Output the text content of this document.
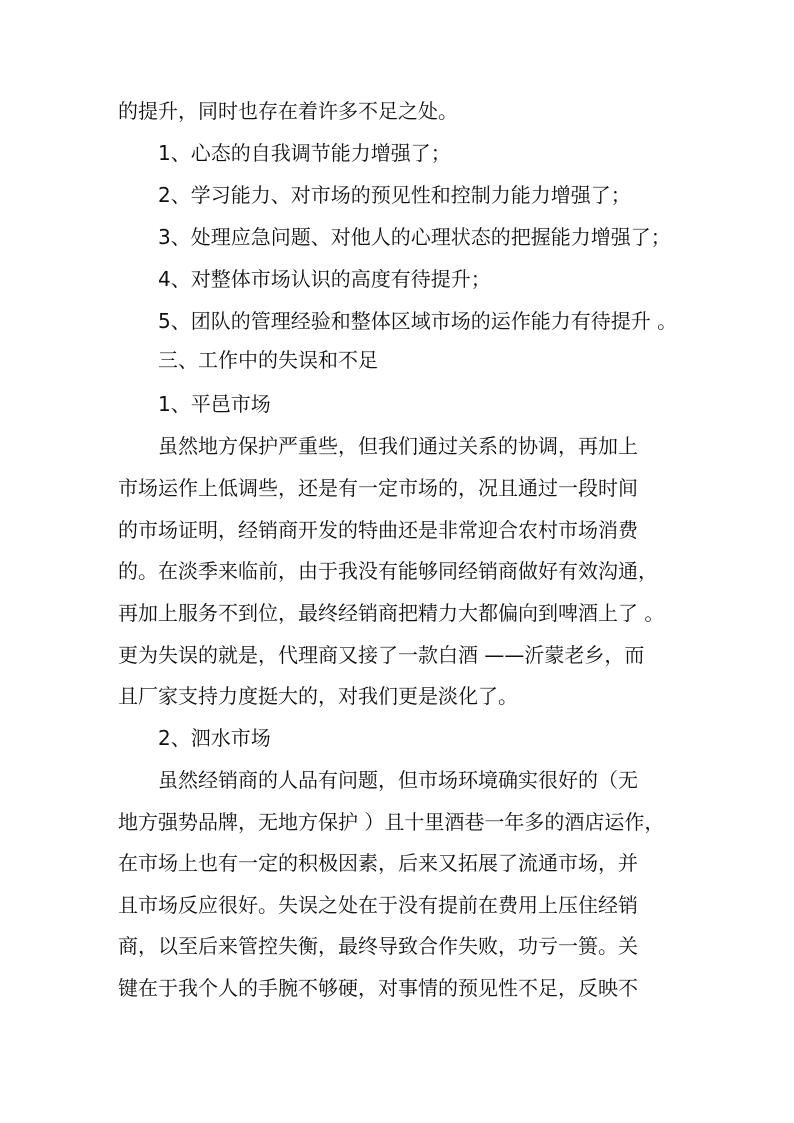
的提升，同时也存在着许多不足之处。
1、心态的自我调节能力增强了；
2、学习能力、对市场的预见性和控制力能力增强了；
3、处理应急问题、对他人的心理状态的把握能力增强了；
4、对整体市场认识的高度有待提升；
5、团队的管理经验和整体区域市场的运作能力有待提升 。
三、工作中的失误和不足
1、平邑市场
虽然地方保护严重些，但我们通过关系的协调，再加上
市场运作上低调些，还是有一定市场的，况且通过一段时间
的市场证明，经销商开发的特曲还是非常迎合农村市场消费
的。在淡季来临前，由于我没有能够同经销商做好有效沟通，
再加上服务不到位，最终经销商把精力大都偏向到啤酒上了 。
更为失误的就是，代理商又接了一款白酒 ——沂蒙老乡，而
且厂家支持力度挺大的，对我们更是淡化了。
2、泗水市场
虽然经销商的人品有问题，但市场环境确实很好的（无
地方强势品牌，无地方保护 ）且十里酒巷一年多的酒店运作，
在市场上也有一定的积极因素，后来又拓展了流通市场，并
且市场反应很好。失误之处在于没有提前在费用上压住经销
商，以至后来管控失衡，最终导致合作失败，功亏一篑。关
键在于我个人的手腕不够硬，对事情的预见性不足，反映不
